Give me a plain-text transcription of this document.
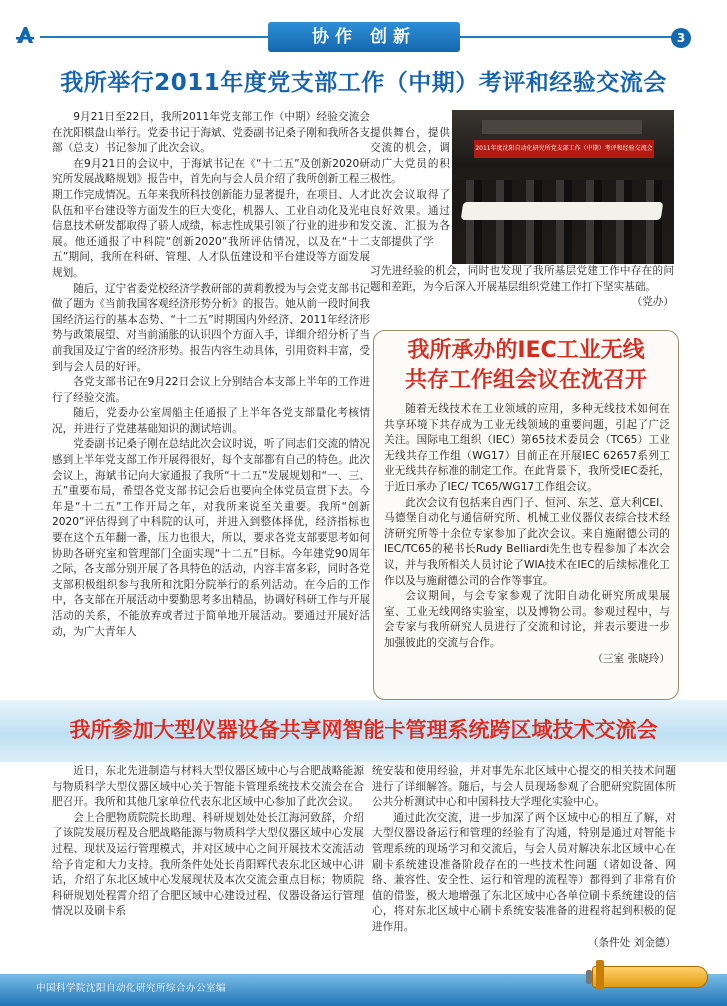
协作 创新	3
我所举行2011年度党支部工作（中期）考评和经验交流会

9月21日至22日，我所2011年党支部工作（中期）经验交流会在沈阳棋盘山举行。党委书记于海斌、党委副书记桑子刚和我所各支部（总支）书记参加了此次会议。

在9月21日的会议中，于海斌书记在《“十二五”及创新2020研究所发展战略规划》报告中，首先向与会人员介绍了我所创新工程三期工作完成情况。五年来我所科技创新能力显著提升，在项目、人才队伍和平台建设等方面发生的巨大变化，机器人、工业自动化及光电信息技术研发都取得了骄人成绩，标志性成果引领了行业的进步和发展。他还通报了中科院“创新2020”我所评估情况，以及在“十二五”期间，我所在科研、管理、人才队伍建设和平台建设等方面发展规划。

随后，辽宁省委党校经济学教研部的黄莉教授为与会党支部书记做了题为《当前我国客观经济形势分析》的报告。她从前一段时间我国经济运行的基本态势、“十二五”时期国内外经济、2011年经济形势与政策展望、对当前涌胀的认识四个方面入手，详细介绍分析了当前我国及辽宁省的经济形势。报告内容生动具体，引用资料丰富，受到与会人员的好评。

各党支部书记在9月22日会议上分别结合本支部上半年的工作进行了经验交流。

随后，党委办公室周船主任通报了上半年各党支部量化考核情况，并进行了党建基础知识的测试培训。

党委副书记桑子刚在总结此次会议时说，听了同志们交流的情况感到上半年党支部工作开展得很好，每个支部都有自己的特色。此次会议上，海斌书记向大家通报了我所“十二五”发展规划和“一、三、五”重要布局，希望各党支部书记会后也要向全体党员宣贯下去。今年是“十二五”工作开局之年，对我所来说至关重要。我所“创新2020”评估得到了中科院的认可，并进入到整体择优，经济指标也要在这个五年翻一番，压力也很大，所以，要求各党支部要思考如何协助各研究室和管理部门全面实现“十二五”目标。今年建党90周年之际，各支部分别开展了各具特色的活动，内容丰富多彩，同时各党支部积极组织参与我所和沈阳分院举行的系列活动。在今后的工作中，各支部在开展活动中要勤思考多出精品，协调好科研工作与开展活动的关系，不能放弃或者过于简单地开展活动。要通过开展好活动，为广大青年人

提供舞台，提供交流的机会，调动广大党员的积极性。
此次会议取得了良好效果。通过交流、汇报为各支部提供了学

2011年度沈阳自动化研究所党支部工作（中期）考评和经验交流会

习先进经验的机会，同时也发现了我所基层党建工作中存在的问题和差距，为今后深入开展基层组织党建工作打下坚实基础。

（党办）

我所承办的IEC工业无线
共存工作组会议在沈召开

随着无线技术在工业领域的应用，多种无线技术如何在共享环境下共存成为工业无线领域的重要问题，引起了广泛关注。国际电工组织（IEC）第65技术委员会（TC65）工业无线共存工作组（WG17）目前正在开展IEC 62657系列工业无线共存标准的制定工作。在此背景下，我所受IEC委托，于近日承办了IEC/ TC65/WG17工作组会议。

此次会议有包括来自西门子、恒河、东芝、意大利CEI、马德堡自动化与通信研究所、机械工业仪器仪表综合技术经济研究所等十余位专家参加了此次会议。来自施耐德公司的IEC/TC65的秘书长Rudy Belliardi先生也专程参加了本次会议，并与我所相关人员讨论了WIA技术在IEC的后续标准化工作以及与施耐德公司的合作等事宜。

会议期间，与会专家参观了沈阳自动化研究所成果展室、工业无线网络实验室，以及博物公司。参观过程中，与会专家与我所研究人员进行了交流和讨论，并表示要进一步加强彼此的交流与合作。

（三室 张晓玲）

我所参加大型仪器设备共享网智能卡管理系统跨区域技术交流会

近日，东北先进制造与材料大型仪器区域中心与合肥战略能源与物质科学大型仪器区域中心关于智能卡管理系统技术交流会在合肥召开。我所和其他几家单位代表东北区域中心参加了此次会议。

会上合肥物质院院长助理、科研规划处处长江海河致辞，介绍了该院发展历程及合肥战略能源与物质科学大型仪器区域中心发展过程、现状及运行管理模式，并对区域中心之间开展技术交流活动给予肯定和大力支持。我所条件处处长肖阳辉代表东北区域中心讲话，介绍了东北区域中心发展现状及本次交流会重点目标；物质院科研规划处程霄介绍了合肥区域中心建设过程、仪器设备运行管理情况以及刷卡系

统安装和使用经验，并对事先东北区域中心提交的相关技术问题进行了详细解答。随后，与会人员现场参观了合肥研究院固体所公共分析测试中心和中国科技大学理化实验中心。

通过此次交流，进一步加深了两个区域中心的相互了解，对大型仪器设备运行和管理的经验有了沟通，特别是通过对智能卡管理系统的现场学习和交流后，与会人员对解决东北区域中心在刷卡系统建设准备阶段存在的一些技术性问题（诸如设备、网络、兼容性、安全性、运行和管理的流程等）都得到了非常有价值的借鉴，极大地增强了东北区域中心各单位刷卡系统建设的信心，将对东北区域中心刷卡系统安装准备的进程将起到积极的促进作用。

（条件处 刘金德）

中国科学院沈阳自动化研究所综合办公室编
